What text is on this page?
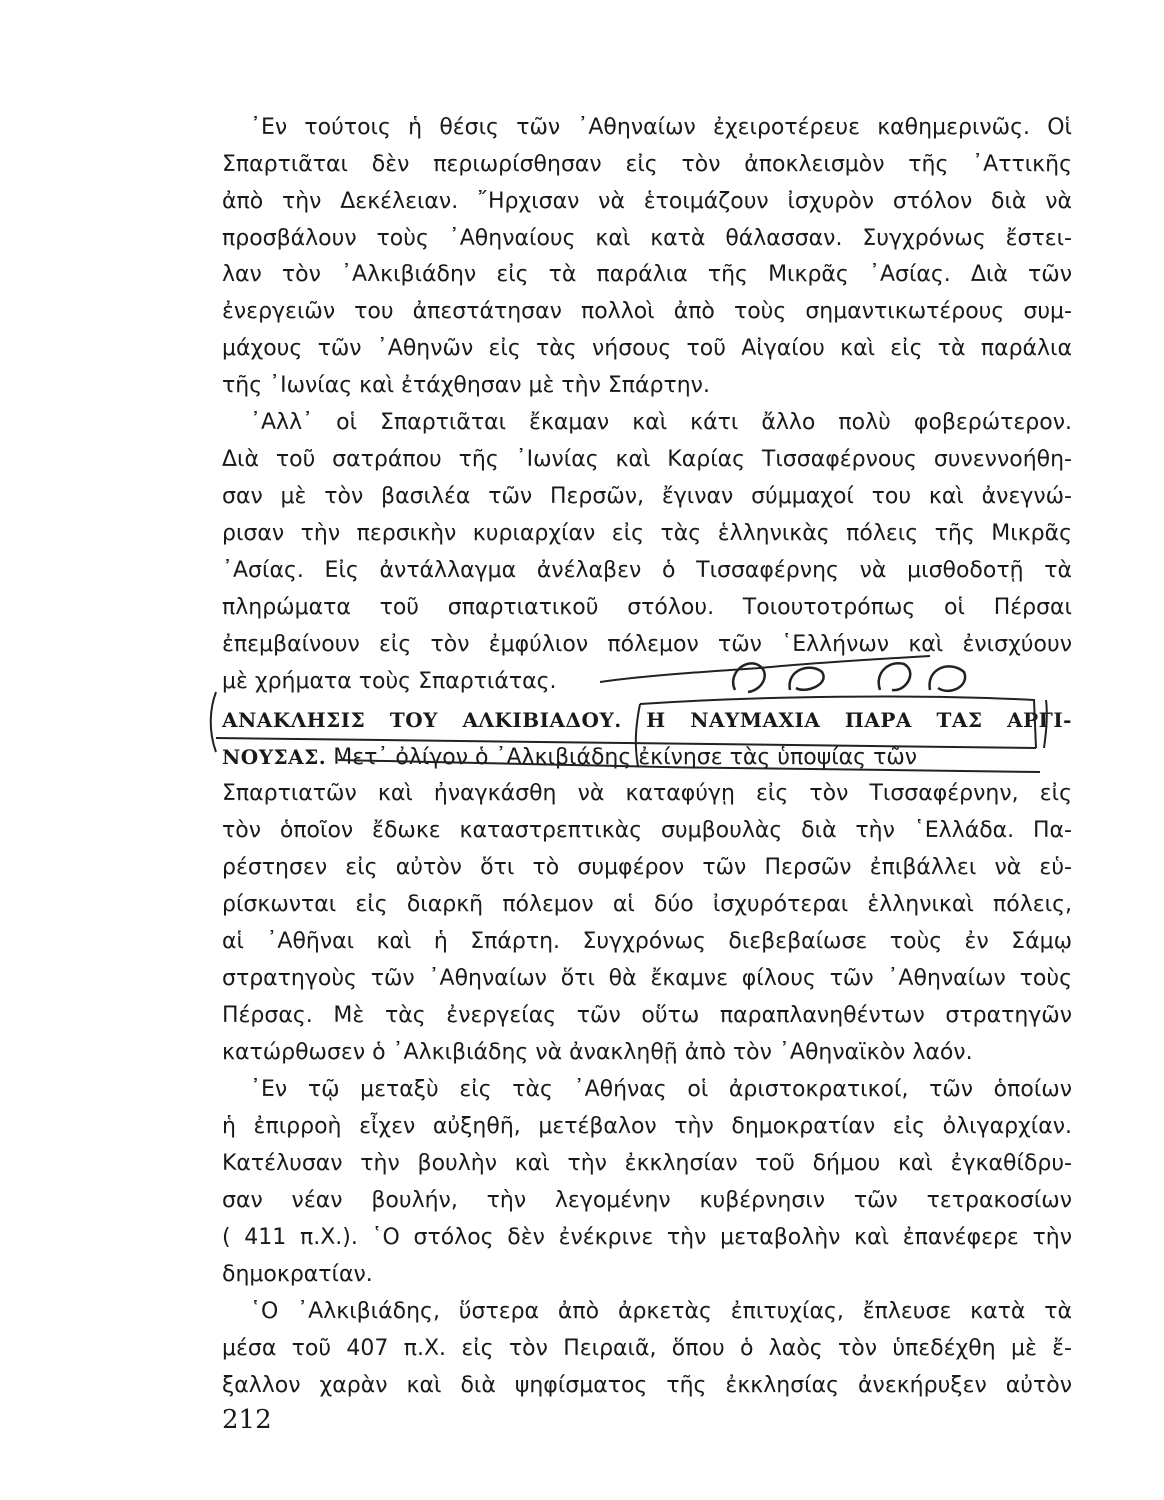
᾿Εν τούτοις ἡ θέσις τῶν ᾿Αθηναίων ἐχειροτέρευε καθημερινῶς. Οἱ
Σπαρτιᾶται δὲν περιωρίσθησαν εἰς τὸν ἀποκλεισμὸν τῆς ᾿Αττικῆς
ἀπὸ τὴν Δεκέλειαν. ῎Ηρχισαν νὰ ἑτοιμάζουν ἰσχυρὸν στόλον διὰ νὰ
προσβάλουν τοὺς ᾿Αθηναίους καὶ κατὰ θάλασσαν. Συγχρόνως ἔστει-
λαν τὸν ᾿Αλκιβιάδην εἰς τὰ παράλια τῆς Μικρᾶς ᾿Ασίας. Διὰ τῶν
ἐνεργειῶν του ἀπεστάτησαν πολλοὶ ἀπὸ τοὺς σημαντικωτέρους συμ-
μάχους τῶν ᾿Αθηνῶν εἰς τὰς νήσους τοῦ Αἰγαίου καὶ εἰς τὰ παράλια
τῆς ᾿Ιωνίας καὶ ἐτάχθησαν μὲ τὴν Σπάρτην.
᾿Αλλ᾿ οἱ Σπαρτιᾶται ἔκαμαν καὶ κάτι ἄλλο πολὺ φοβερώτερον.
Διὰ τοῦ σατράπου τῆς ᾿Ιωνίας καὶ Καρίας Τισσαφέρνους συνεννοήθη-
σαν μὲ τὸν βασιλέα τῶν Περσῶν, ἔγιναν σύμμαχοί του καὶ ἀνεγνώ-
ρισαν τὴν περσικὴν κυριαρχίαν εἰς τὰς ἑλληνικὰς πόλεις τῆς Μικρᾶς
᾿Ασίας. Εἰς ἀντάλλαγμα ἀνέλαβεν ὁ Τισσαφέρνης νὰ μισθοδοτῇ τὰ
πληρώματα τοῦ σπαρτιατικοῦ στόλου. Τοιουτοτρόπως οἱ Πέρσαι
ἐπεμβαίνουν εἰς τὸν ἐμφύλιον πόλεμον τῶν ῾Ελλήνων καὶ ἐνισχύουν
μὲ χρήματα τοὺς Σπαρτιάτας.
ΑΝΑΚΛΗΣΙΣ ΤΟΥ ΑΛΚΙΒΙΑΔΟΥ. Η ΝΑΥΜΑΧΙΑ ΠΑΡΑ ΤΑΣ ΑΡΓΙ-
ΝΟΥΣΑΣ. Μετ᾿ ὀλίγον ὁ ᾿Αλκιβιάδης ἐκίνησε τὰς ὑποψίας τῶν
Σπαρτιατῶν καὶ ἠναγκάσθη νὰ καταφύγῃ εἰς τὸν Τισσαφέρνην, εἰς
τὸν ὁποῖον ἔδωκε καταστρεπτικὰς συμβουλὰς διὰ τὴν ῾Ελλάδα. Πα-
ρέστησεν εἰς αὐτὸν ὅτι τὸ συμφέρον τῶν Περσῶν ἐπιβάλλει νὰ εὑ-
ρίσκωνται εἰς διαρκῆ πόλεμον αἱ δύο ἰσχυρότεραι ἑλληνικαὶ πόλεις,
αἱ ᾿Αθῆναι καὶ ἡ Σπάρτη. Συγχρόνως διεβεβαίωσε τοὺς ἐν Σάμῳ
στρατηγοὺς τῶν ᾿Αθηναίων ὅτι θὰ ἔκαμνε φίλους τῶν ᾿Αθηναίων τοὺς
Πέρσας. Μὲ τὰς ἐνεργείας τῶν οὕτω παραπλανηθέντων στρατηγῶν
κατώρθωσεν ὁ ᾿Αλκιβιάδης νὰ ἀνακληθῇ ἀπὸ τὸν ᾿Αθηναϊκὸν λαόν.
᾿Εν τῷ μεταξὺ εἰς τὰς ᾿Αθήνας οἱ ἀριστοκρατικοί, τῶν ὁποίων
ἡ ἐπιρροὴ εἶχεν αὐξηθῆ, μετέβαλον τὴν δημοκρατίαν εἰς ὀλιγαρχίαν.
Κατέλυσαν τὴν βουλὴν καὶ τὴν ἐκκλησίαν τοῦ δήμου καὶ ἐγκαθίδρυ-
σαν νέαν βουλήν, τὴν λεγομένην κυβέρνησιν τῶν τετρακοσίων
( 411 π.Χ.). ῾Ο στόλος δὲν ἐνέκρινε τὴν μεταβολὴν καὶ ἐπανέφερε τὴν
δημοκρατίαν.
῾Ο ᾿Αλκιβιάδης, ὕστερα ἀπὸ ἀρκετὰς ἐπιτυχίας, ἔπλευσε κατὰ τὰ
μέσα τοῦ 407 π.Χ. εἰς τὸν Πειραιᾶ, ὅπου ὁ λαὸς τὸν ὑπεδέχθη μὲ ἔ-
ξαλλον χαρὰν καὶ διὰ ψηφίσματος τῆς ἐκκλησίας ἀνεκήρυξεν αὐτὸν
212
